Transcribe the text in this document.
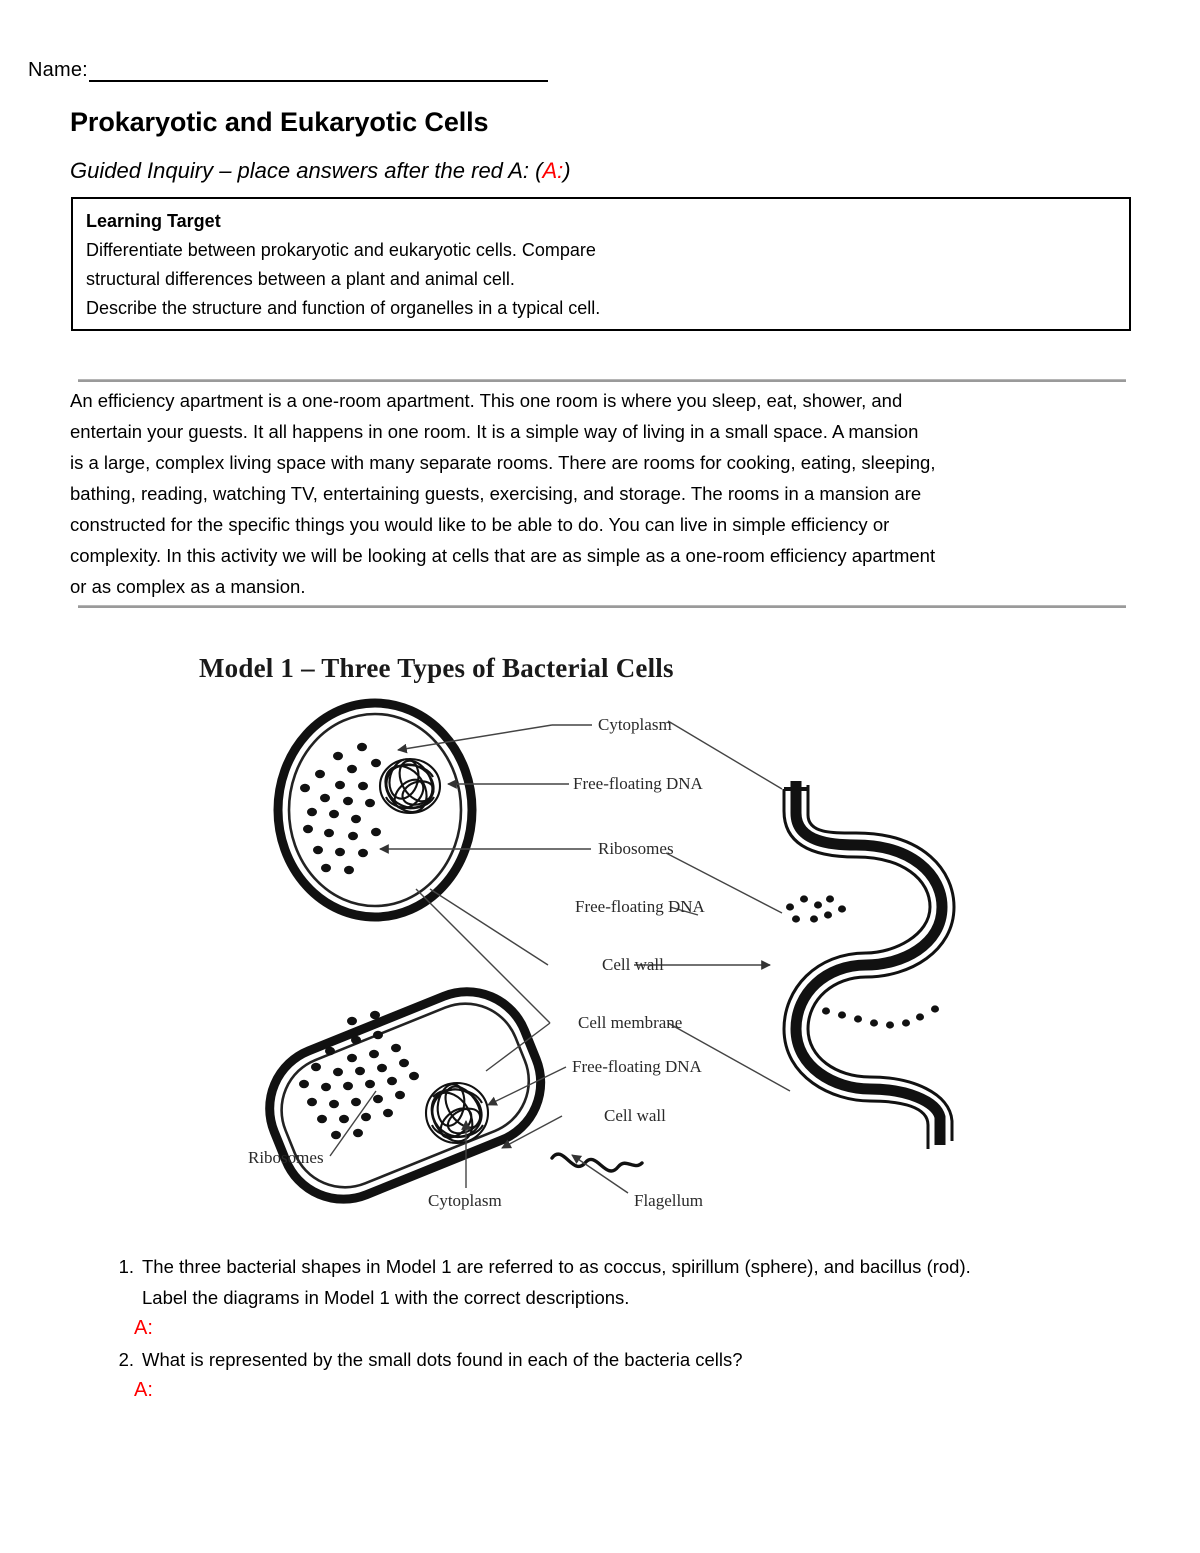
Name:
Prokaryotic and Eukaryotic Cells
Guided Inquiry – place answers after the red A: (A:)
Learning Target
Differentiate between prokaryotic and eukaryotic cells. Compare
structural differences between a plant and animal cell.
Describe the structure and function of organelles in a typical cell.
An efficiency apartment is a one-room apartment. This one room is where you sleep, eat, shower, and
entertain your guests. It all happens in one room. It is a simple way of living in a small space. A mansion
is a large, complex living space with many separate rooms. There are rooms for cooking, eating, sleeping,
bathing, reading, watching TV, entertaining guests, exercising, and storage. The rooms in a mansion are
constructed for the specific things you would like to be able to do. You can live in simple efficiency or
complexity. In this activity we will be looking at cells that are as simple as a one-room efficiency apartment
or as complex as a mansion.
Model 1 – Three Types of Bacterial Cells
Cytoplasm
Free-floating DNA
Ribosomes
Free-floating DNA
Cell wall
Cell membrane
Free-floating DNA
Cell wall
Ribosomes
Cytoplasm	Flagellum
1. The three bacterial shapes in Model 1 are referred to as coccus, spirillum (sphere), and bacillus (rod).
Label the diagrams in Model 1 with the correct descriptions.
A:
2. What is represented by the small dots found in each of the bacteria cells?
A:
